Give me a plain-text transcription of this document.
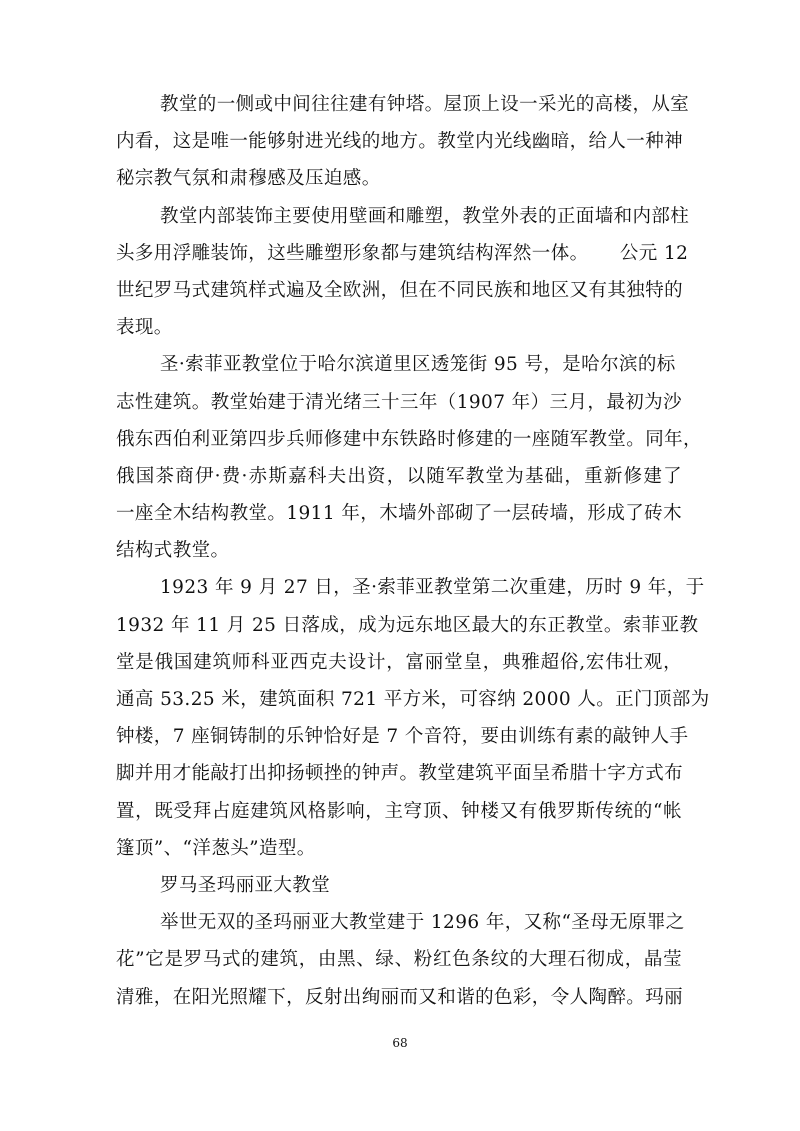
教堂的一侧或中间往往建有钟塔。屋顶上设一采光的高楼，从室
内看，这是唯一能够射进光线的地方。教堂内光线幽暗，给人一种神
秘宗教气氛和肃穆感及压迫感。
教堂内部装饰主要使用壁画和雕塑，教堂外表的正面墙和内部柱
头多用浮雕装饰，这些雕塑形象都与建筑结构浑然一体。     公元 12
世纪罗马式建筑样式遍及全欧洲，但在不同民族和地区又有其独特的
表现。
圣·索菲亚教堂位于哈尔滨道里区透笼街 95 号，是哈尔滨的标
志性建筑。教堂始建于清光绪三十三年（1907 年）三月，最初为沙
俄东西伯利亚第四步兵师修建中东铁路时修建的一座随军教堂。同年，
俄国茶商伊·费·赤斯嘉科夫出资，以随军教堂为基础，重新修建了
一座全木结构教堂。1911 年，木墙外部砌了一层砖墙，形成了砖木
结构式教堂。
1923 年 9 月 27 日，圣·索菲亚教堂第二次重建，历时 9 年，于
1932 年 11 月 25 日落成，成为远东地区最大的东正教堂。索菲亚教
堂是俄国建筑师科亚西克夫设计，富丽堂皇，典雅超俗,宏伟壮观，
通高 53.25 米，建筑面积 721 平方米，可容纳 2000 人。正门顶部为
钟楼，7 座铜铸制的乐钟恰好是 7 个音符，要由训练有素的敲钟人手
脚并用才能敲打出抑扬顿挫的钟声。教堂建筑平面呈希腊十字方式布
置，既受拜占庭建筑风格影响，主穹顶、钟楼又有俄罗斯传统的“帐
篷顶”、“洋葱头”造型。
罗马圣玛丽亚大教堂
举世无双的圣玛丽亚大教堂建于 1296 年，又称“圣母无原罪之
花”它是罗马式的建筑，由黑、绿、粉红色条纹的大理石彻成，晶莹
清雅，在阳光照耀下，反射出绚丽而又和谐的色彩，令人陶醉。玛丽
68
